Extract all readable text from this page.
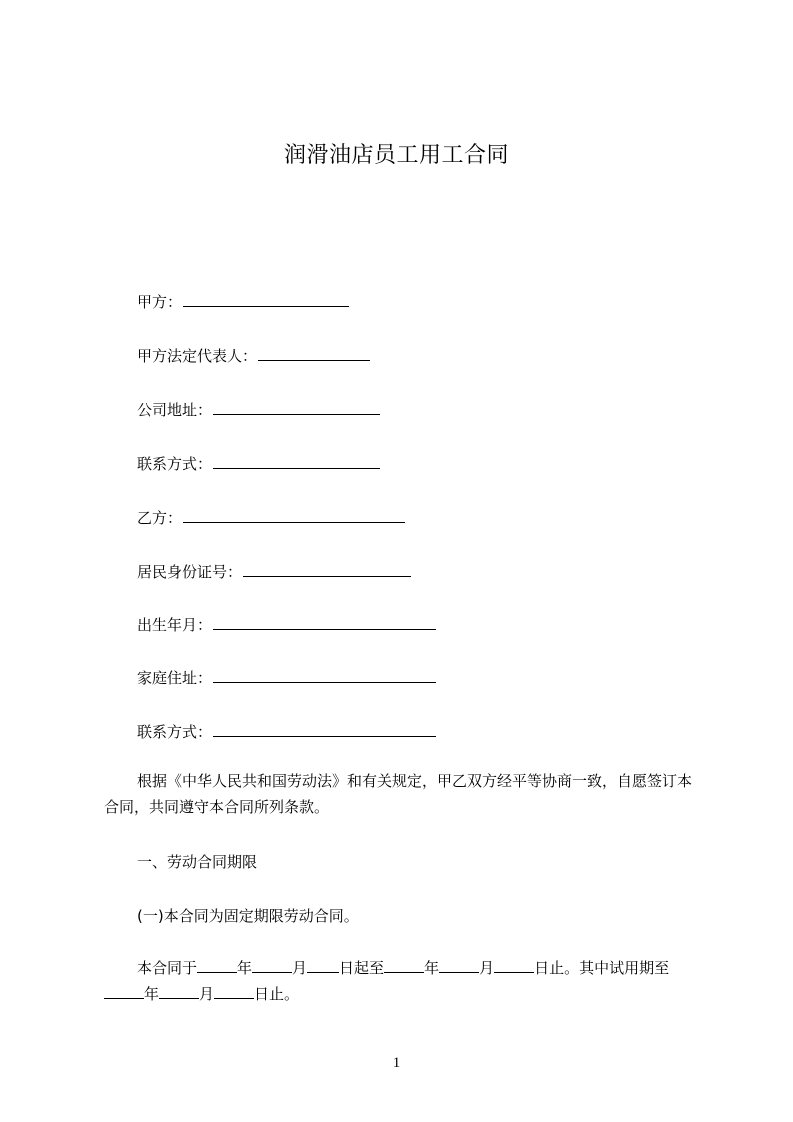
润滑油店员工用工合同
甲方：
甲方法定代表人：
公司地址：
联系方式：
乙方：
居民身份证号：
出生年月：
家庭住址：
联系方式：
根据《中华人民共和国劳动法》和有关规定，甲乙双方经平等协商一致，自愿签订本合同，共同遵守本合同所列条款。
一、劳动合同期限
(一)本合同为固定期限劳动合同。
本合同于	年	月 日起至	年	月	日止。其中试用期至年	月	日止。
1
